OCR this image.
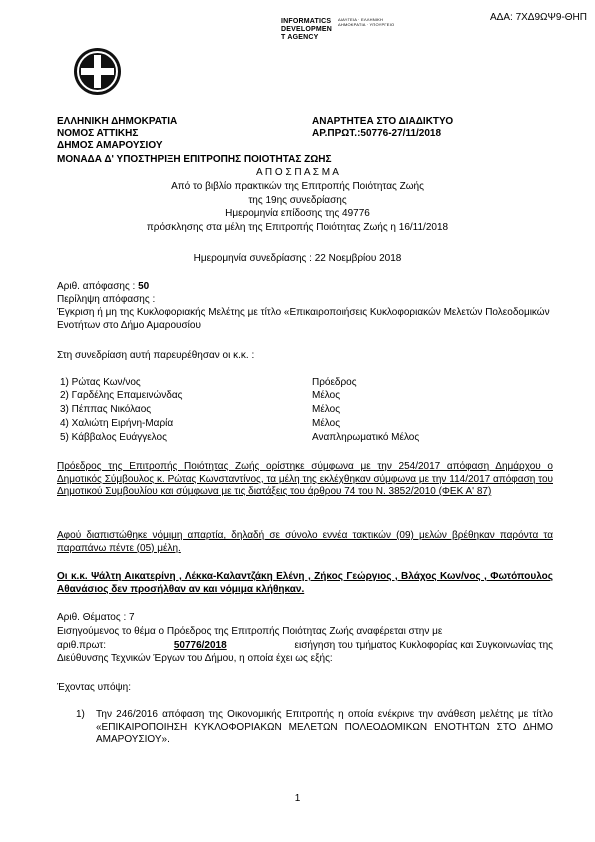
ΑΔΑ: 7ΧΔ9ΩΨ9-ΘΗΠ
INFORMATICS
DEVELOPMEN
T AGENCY
ΔΙΑΥΓΕΙΑ · ΕΛΛΗΝΙΚΗ ΔΗΜΟΚΡΑΤΙΑ · ΥΠΟΥΡΓΕΙΟ
ΕΛΛΗΝΙΚΗ ΔΗΜΟΚΡΑΤΙΑ
ΝΟΜΟΣ ΑΤΤΙΚΗΣ
ΔΗΜΟΣ ΑΜΑΡΟΥΣΙΟΥ
ΑΝΑΡΤΗΤΕΑ ΣΤΟ ΔΙΑΔΙΚΤΥΟ
ΑΡ.ΠΡΩΤ.:50776-27/11/2018
ΜΟΝΑΔΑ Δ' ΥΠΟΣΤΗΡΙΞΗ ΕΠΙΤΡΟΠΗΣ ΠΟΙΟΤΗΤΑΣ ΖΩΗΣ
Α Π Ο Σ Π Α Σ Μ Α
Από το βιβλίο πρακτικών της Επιτροπής Ποιότητας Ζωής
της 19ης συνεδρίασης
Ημερομηνία επίδοσης της 49776
πρόσκλησης στα μέλη της Επιτροπής Ποιότητας Ζωής η 16/11/2018
Ημερομηνία συνεδρίασης : 22 Νοεμβρίου 2018
Αριθ. απόφασης : 50
Περίληψη απόφασης :
Έγκριση ή μη της Κυκλοφοριακής Μελέτης με τίτλο «Επικαιροποιήσεις Κυκλοφοριακών Μελετών Πολεοδομικών Ενοτήτων στο Δήμο Αμαρουσίου
Στη συνεδρίαση αυτή παρευρέθησαν οι κ.κ. :
1) Ρώτας Κων/νος	Πρόεδρος
2) Γαρδέλης Επαμεινώνδας	Μέλος
3) Πέππας Νικόλαος	Μέλος
4) Χαλιώτη Ειρήνη-Μαρία	Μέλος
5) Κάββαλος Ευάγγελος	Αναπληρωματικό Μέλος
Πρόεδρος της Επιτροπής Ποιότητας Ζωής ορίστηκε σύμφωνα με την 254/2017 απόφαση Δημάρχου ο Δημοτικός Σύμβουλος κ. Ρώτας Κωνσταντίνος, τα μέλη της εκλέχθηκαν σύμφωνα με την 114/2017 απόφαση του Δημοτικού Συμβουλίου και σύμφωνα με τις διατάξεις του άρθρου 74 του Ν. 3852/2010 (ΦΕΚ Α' 87)
Αφού διαπιστώθηκε νόμιμη απαρτία, δηλαδή σε σύνολο εννέα τακτικών (09) μελών βρέθηκαν παρόντα τα παραπάνω πέντε (05) μέλη.
Οι κ.κ. Ψάλτη Αικατερίνη , Λέκκα-Καλαντζάκη Ελένη , Ζήκος Γεώργιος , Βλάχος Κων/νος , Φωτόπουλος Αθανάσιος δεν προσήλθαν αν και νόμιμα κλήθηκαν.
Αριθ. Θέματος : 7
Εισηγούμενος το θέμα ο Πρόεδρος της Επιτροπής Ποιότητας Ζωής αναφέρεται στην με
αριθ.πρωτ:	50776/2018	εισήγηση του τμήματος Κυκλοφορίας και Συγκοινωνίας της
Διεύθυνσης Τεχνικών Έργων του Δήμου, η οποία έχει ως εξής:
Έχοντας υπόψη:
1) Την 246/2016 απόφαση της Οικονομικής Επιτροπής η οποία ενέκρινε την ανάθεση μελέτης με τίτλο «ΕΠΙΚΑΙΡΟΠΟΙΗΣΗ ΚΥΚΛΟΦΟΡΙΑΚΩΝ ΜΕΛΕΤΩΝ ΠΟΛΕΟΔΟΜΙΚΩΝ ΕΝΟΤΗΤΩΝ ΣΤΟ ΔΗΜΟ ΑΜΑΡΟΥΣΙΟΥ».
1
